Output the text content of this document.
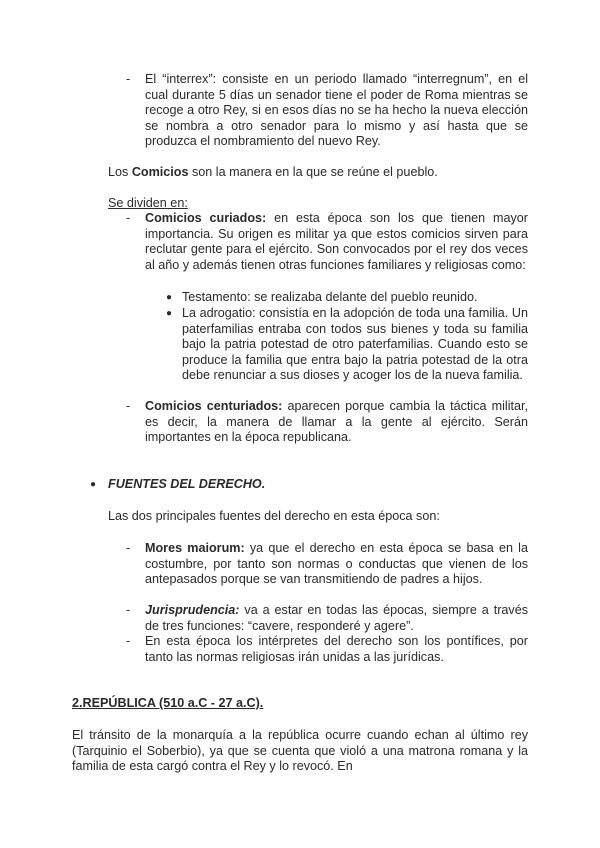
-	El “interrex”: consiste en un periodo llamado “interregnum”, en el cual durante 5 días un senador tiene el poder de Roma mientras se recoge a otro Rey, si en esos días no se ha hecho la nueva elección se nombra a otro senador para lo mismo y así hasta que se produzca el nombramiento del nuevo Rey.
Los Comicios son la manera en la que se reúne el pueblo.
Se dividen en:
-	Comicios curiados: en esta época son los que tienen mayor importancia. Su origen es militar ya que estos comicios sirven para reclutar gente para el ejército. Son convocados por el rey dos veces al año y además tienen otras funciones familiares y religiosas como:
● Testamento: se realizaba delante del pueblo reunido.
● La adrogatio: consistía en la adopción de toda una familia. Un paterfamilias entraba con todos sus bienes y toda su familia bajo la patria potestad de otro paterfamilias. Cuando esto se produce la familia que entra bajo la patria potestad de la otra debe renunciar a sus dioses y acoger los de la nueva familia.
-	Comicios centuriados: aparecen porque cambia la táctica militar, es decir, la manera de llamar a la gente al ejército. Serán importantes en la época republicana.
● FUENTES DEL DERECHO.
Las dos principales fuentes del derecho en esta época son:
-	Mores maiorum: ya que el derecho en esta época se basa en la costumbre, por tanto son normas o conductas que vienen de los antepasados porque se van transmitiendo de padres a hijos.
-	Jurisprudencia: va a estar en todas las épocas, siempre a través de tres funciones: “cavere, responderé y agere”.
-	En esta época los intérpretes del derecho son los pontífices, por tanto las normas religiosas irán unidas a las jurídicas.
2.REPÚBLICA (510 a.C - 27 a.C).
El tránsito de la monarquía a la república ocurre cuando echan al último rey (Tarquinio el Soberbio), ya que se cuenta que violó a una matrona romana y la familia de esta cargó contra el Rey y lo revocó. En
